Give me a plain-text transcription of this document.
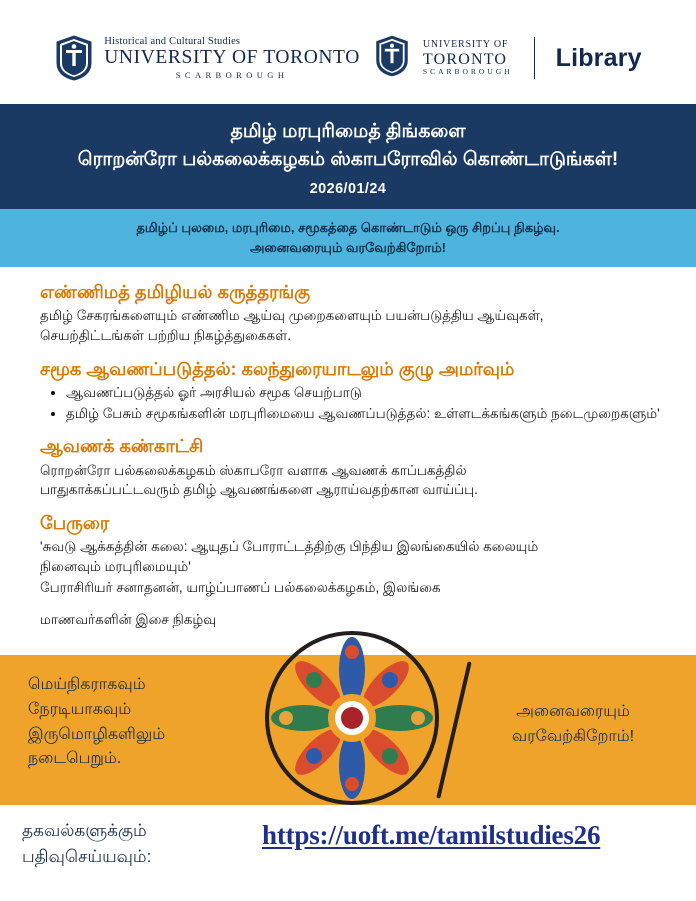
Historical and Cultural Studies
UNIVERSITY OF TORONTO
SCARBOROUGH
UNIVERSITY OF
TORONTO
SCARBOROUGH Library
தமிழ் மரபுரிமைத் திங்களை
ரொறன்ரோ பல்கலைக்கழகம் ஸ்காபரோவில் கொண்டாடுங்கள்!
2026/01/24
தமிழ்ப் புலமை, மரபுரிமை, சமூகத்தை கொண்டாடும் ஒரு சிறப்பு நிகழ்வு.
அனைவரையும் வரவேற்கிறோம்!
எண்ணிமத் தமிழியல் கருத்தரங்கு

தமிழ் சேகரங்களையும் எண்ணிம ஆய்வு முறைகளையும் பயன்படுத்திய ஆய்வுகள்,

செயற்திட்டங்கள் பற்றிய நிகழ்த்துகைகள்.

சமூக ஆவணப்படுத்தல்: கலந்துரையாடலும் குழு அமர்வும்
• ஆவணப்படுத்தல் ஓர் அரசியல் சமூக செயற்பாடு
• தமிழ் பேசும் சமூகங்களின் மரபுரிமையை ஆவணப்படுத்தல்: உள்ளடக்கங்களும் நடைமுறைகளும்'
ஆவணக் கண்காட்சி

ரொறன்ரோ பல்கலைக்கழகம் ஸ்காபரோ வளாக ஆவணக் காப்பகத்தில்

பாதுகாக்கப்பட்டவரும் தமிழ் ஆவணங்களை ஆராய்வதற்கான வாய்ப்பு.

பேருரை

'சுவடு ஆக்கத்தின் கலை: ஆயுதப் போராட்டத்திற்கு பிந்திய இலங்கையில் கலையும்

நினைவும் மரபுரிமையும்'

பேராசிரியர் சனாதனன், யாழ்ப்பாணப் பல்கலைக்கழகம், இலங்கை

மாணவர்களின் இசை நிகழ்வு
மெய்நிகராகவும் நேரடியாகவும் இருமொழிகளிலும் நடைபெறும்.
அனைவரையும் வரவேற்கிறோம்!
தகவல்களுக்கும் பதிவுசெய்யவும்:
https://uoft.me/tamilstudies26
